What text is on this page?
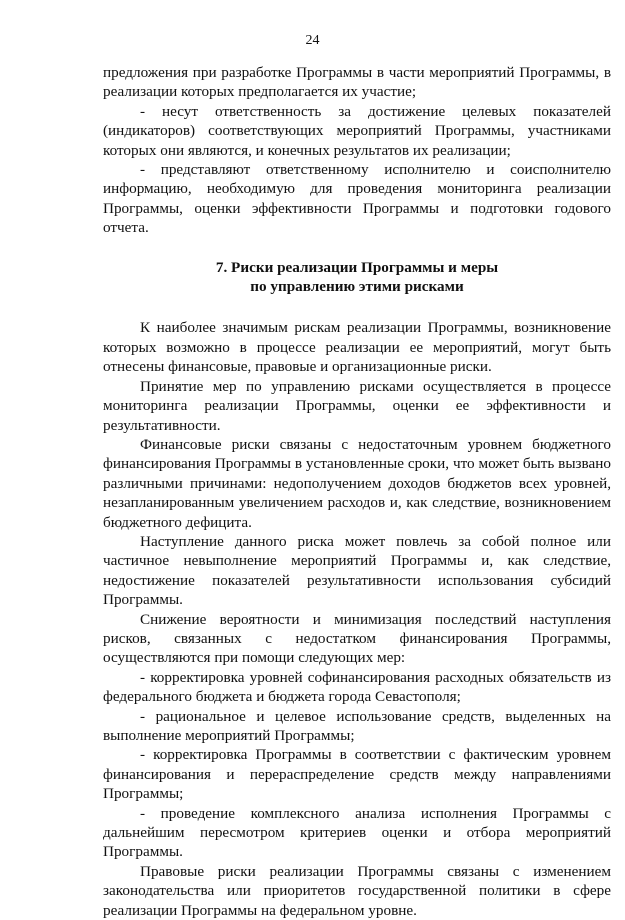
24

предложения при разработке Программы в части мероприятий Программы, в реализации которых предполагается их участие;

- несут ответственность за достижение целевых показателей (индикаторов) соответствующих мероприятий Программы, участниками которых они являются, и конечных результатов их реализации;

- представляют ответственному исполнителю и соисполнителю информацию, необходимую для проведения мониторинга реализации Программы, оценки эффективности Программы и подготовки годового отчета.

7. Риски реализации Программы и меры
по управлению этими рисками

К наиболее значимым рискам реализации Программы, возникновение которых возможно в процессе реализации ее мероприятий, могут быть отнесены финансовые, правовые и организационные риски.

Принятие мер по управлению рисками осуществляется в процессе мониторинга реализации Программы, оценки ее эффективности и результативности.

Финансовые риски связаны с недостаточным уровнем бюджетного финансирования Программы в установленные сроки, что может быть вызвано различными причинами: недополучением доходов бюджетов всех уровней, незапланированным увеличением расходов и, как следствие, возникновением бюджетного дефицита.

Наступление данного риска может повлечь за собой полное или частичное невыполнение мероприятий Программы и, как следствие, недостижение показателей результативности использования субсидий Программы.

Снижение вероятности и минимизация последствий наступления рисков, связанных с недостатком финансирования Программы, осуществляются при помощи следующих мер:

- корректировка уровней софинансирования расходных обязательств из федерального бюджета и бюджета города Севастополя;

- рациональное и целевое использование средств, выделенных на выполнение мероприятий Программы;

- корректировка Программы в соответствии с фактическим уровнем финансирования и перераспределение средств между направлениями Программы;

- проведение комплексного анализа исполнения Программы с дальнейшим пересмотром критериев оценки и отбора мероприятий Программы.

Правовые риски реализации Программы связаны с изменением законодательства или приоритетов государственной политики в сфере реализации Программы на федеральном уровне.
